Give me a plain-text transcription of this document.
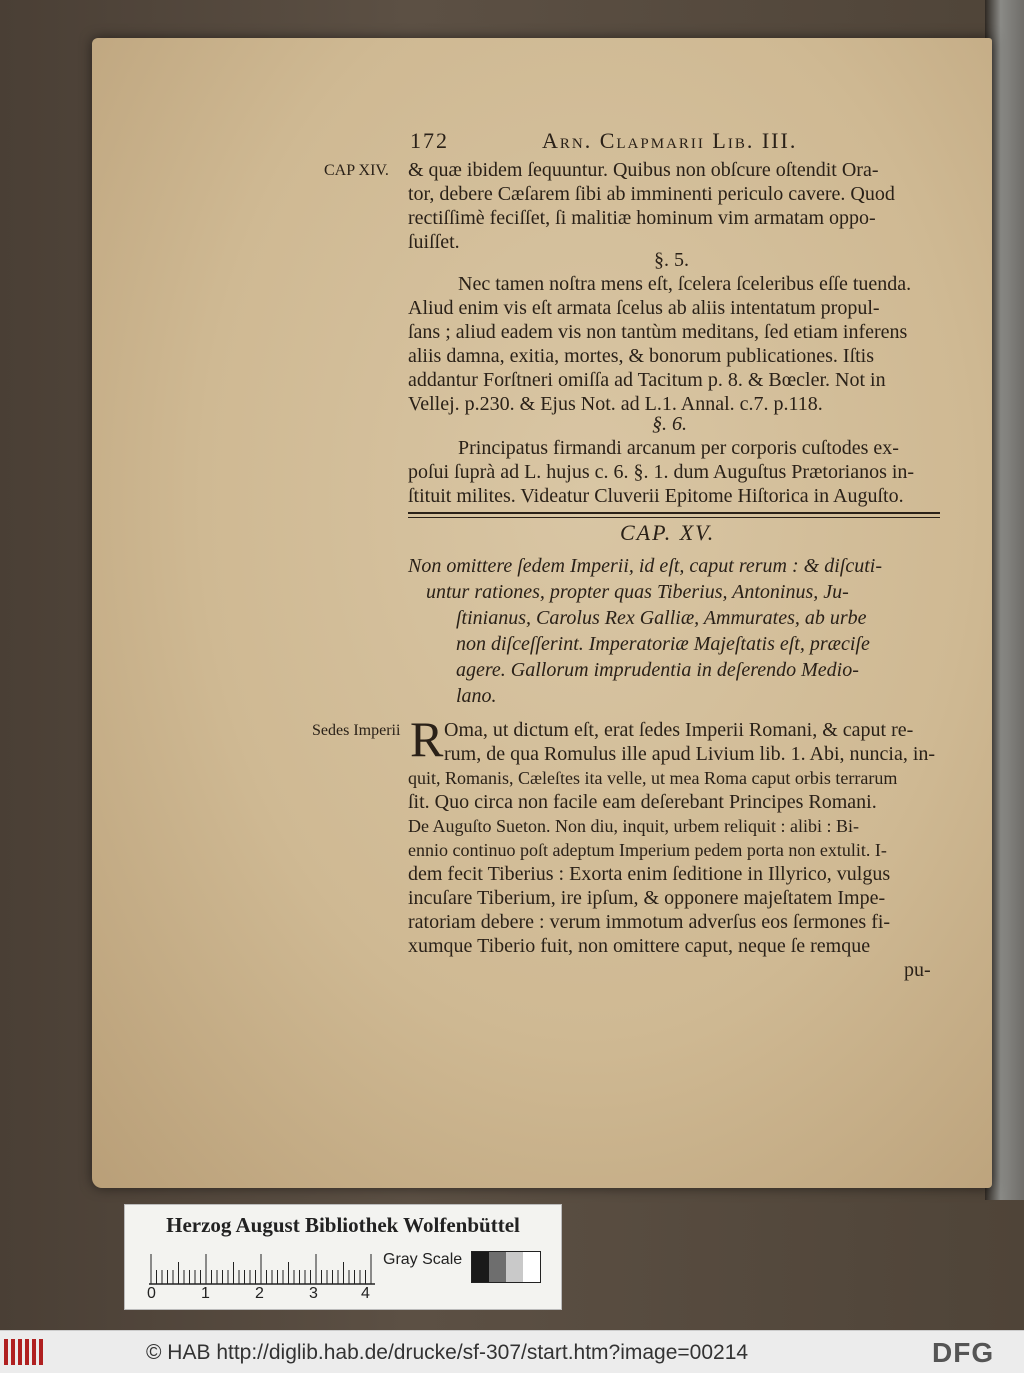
172	Arn. Clapmarii Lib. III.
CAP XIV. & quæ ibidem ſequuntur. Quibus non obſcure oſtendit Ora-
tor, debere Cæſarem ſibi ab imminenti periculo cavere. Quod
rectiſſimè feciſſet, ſi malitiæ hominum vim armatam oppo-
ſuiſſet.
§. 5.
Nec tamen noſtra mens eſt, ſcelera ſceleribus eſſe tuenda.
Aliud enim vis eſt armata ſcelus ab aliis intentatum propul-
ſans ; aliud eadem vis non tantùm meditans, ſed etiam inferens
aliis damna, exitia, mortes, & bonorum publicationes. Iſtis
addantur Forſtneri omiſſa ad Tacitum p. 8. & Bœcler. Not in
Vellej. p.230. & Ejus Not. ad L.1. Annal. c.7. p.118.
§. 6.
Principatus firmandi arcanum per corporis cuſtodes ex-
poſui ſuprà ad L. hujus c. 6. §. 1. dum Auguſtus Prætorianos in-
ſtituit milites. Videatur Cluverii Epitome Hiſtorica in Auguſto.
CAP. XV.
Non omittere ſedem Imperii, id eſt, caput rerum : & diſcuti-
untur rationes, propter quas Tiberius, Antoninus, Ju-
ſtinianus, Carolus Rex Galliæ, Ammurates, ab urbe
non diſceſſerint. Imperatoriæ Majeſtatis eſt, præciſe
agere. Gallorum imprudentia in deſerendo Medio-
lano.
Sedes Imperii R Oma, ut dictum eſt, erat ſedes Imperii Romani, & caput re-
rum, de qua Romulus ille apud Livium lib. 1. Abi, nuncia, in-
quit, Romanis, Cæleſtes ita velle, ut mea Roma caput orbis terrarum
ſit. Quo circa non facile eam deſerebant Principes Romani.
De Auguſto Sueton. Non diu, inquit, urbem reliquit : alibi : Bi-
ennio continuo poſt adeptum Imperium pedem porta non extulit. I-
dem fecit Tiberius : Exorta enim ſeditione in Illyrico, vulgus
incuſare Tiberium, ire ipſum, & opponere majeſtatem Impe-
ratoriam debere : verum immotum adverſus eos ſermones fi-
xumque Tiberio fuit, non omittere caput, neque ſe remque
pu-
Herzog August Bibliothek Wolfenbüttel
0	1	2	3	4
Gray Scale
© HAB http://diglib.hab.de/drucke/sf-307/start.htm?image=00214	DFG
